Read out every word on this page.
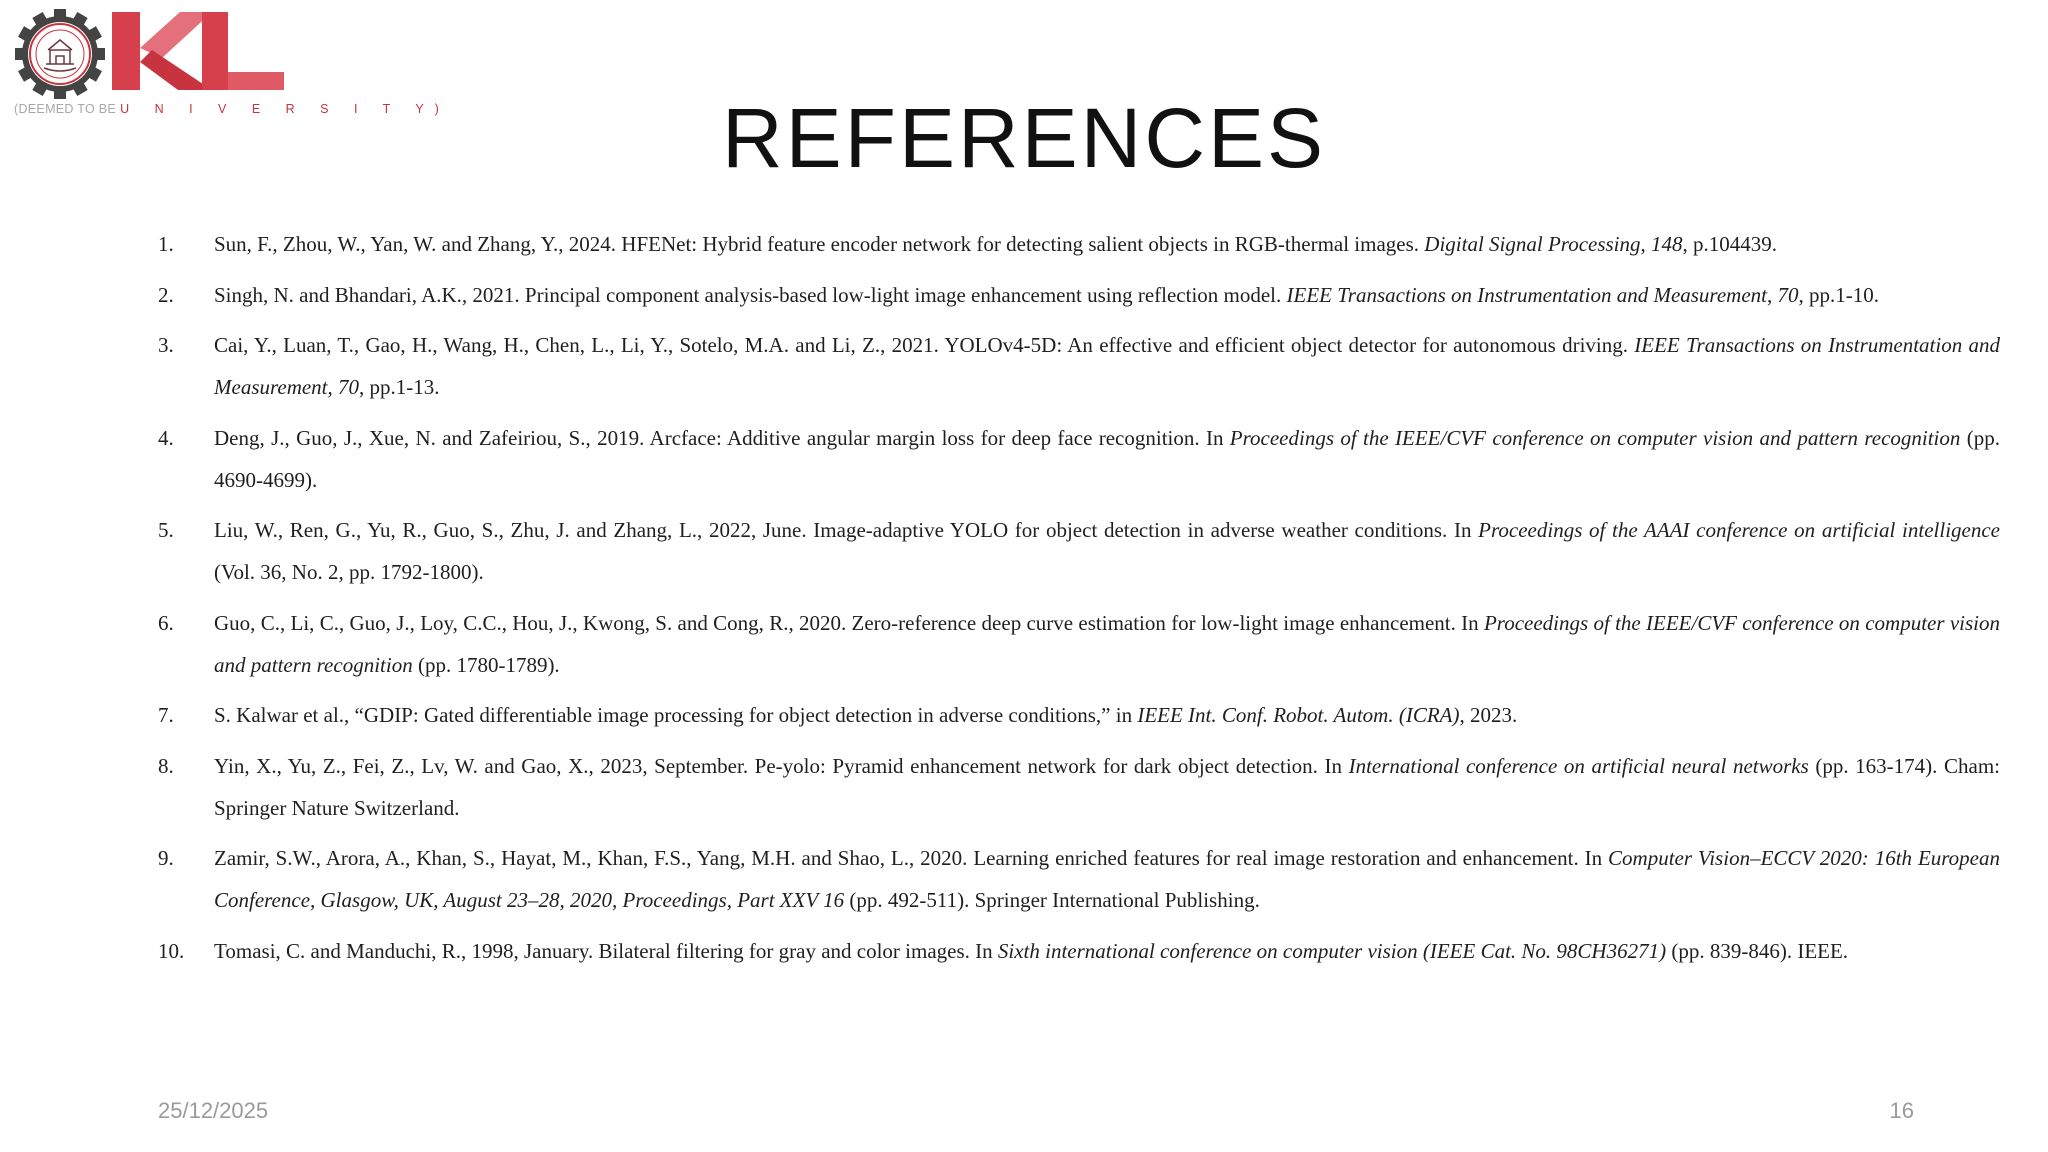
(DEEMED TO BE U N I V E R S I T Y)	REFERENCES
1. Sun, F., Zhou, W., Yan, W. and Zhang, Y., 2024. HFENet: Hybrid feature encoder network for detecting salient objects in RGB-thermal images. Digital Signal Processing, 148, p.104439.
2. Singh, N. and Bhandari, A.K., 2021. Principal component analysis-based low-light image enhancement using reflection model. IEEE Transactions on Instrumentation and Measurement, 70, pp.1-10.
3. Cai, Y., Luan, T., Gao, H., Wang, H., Chen, L., Li, Y., Sotelo, M.A. and Li, Z., 2021. YOLOv4-5D: An effective and efficient object detector for autonomous driving. IEEE Transactions on Instrumentation and Measurement, 70, pp.1-13.
4. Deng, J., Guo, J., Xue, N. and Zafeiriou, S., 2019. Arcface: Additive angular margin loss for deep face recognition. In Proceedings of the IEEE/CVF conference on computer vision and pattern recognition (pp. 4690-4699).
5. Liu, W., Ren, G., Yu, R., Guo, S., Zhu, J. and Zhang, L., 2022, June. Image-adaptive YOLO for object detection in adverse weather conditions. In Proceedings of the AAAI conference on artificial intelligence (Vol. 36, No. 2, pp. 1792-1800).
6. Guo, C., Li, C., Guo, J., Loy, C.C., Hou, J., Kwong, S. and Cong, R., 2020. Zero-reference deep curve estimation for low-light image enhancement. In Proceedings of the IEEE/CVF conference on computer vision and pattern recognition (pp. 1780-1789).
7. S. Kalwar et al., “GDIP: Gated differentiable image processing for object detection in adverse conditions,” in IEEE Int. Conf. Robot. Autom. (ICRA), 2023.
8. Yin, X., Yu, Z., Fei, Z., Lv, W. and Gao, X., 2023, September. Pe-yolo: Pyramid enhancement network for dark object detection. In International conference on artificial neural networks (pp. 163-174). Cham: Springer Nature Switzerland.
9. Zamir, S.W., Arora, A., Khan, S., Hayat, M., Khan, F.S., Yang, M.H. and Shao, L., 2020. Learning enriched features for real image restoration and enhancement. In Computer Vision–ECCV 2020: 16th European Conference, Glasgow, UK, August 23–28, 2020, Proceedings, Part XXV 16 (pp. 492-511). Springer International Publishing.
10. Tomasi, C. and Manduchi, R., 1998, January. Bilateral filtering for gray and color images. In Sixth international conference on computer vision (IEEE Cat. No. 98CH36271) (pp. 839-846). IEEE.
25/12/2025	16
